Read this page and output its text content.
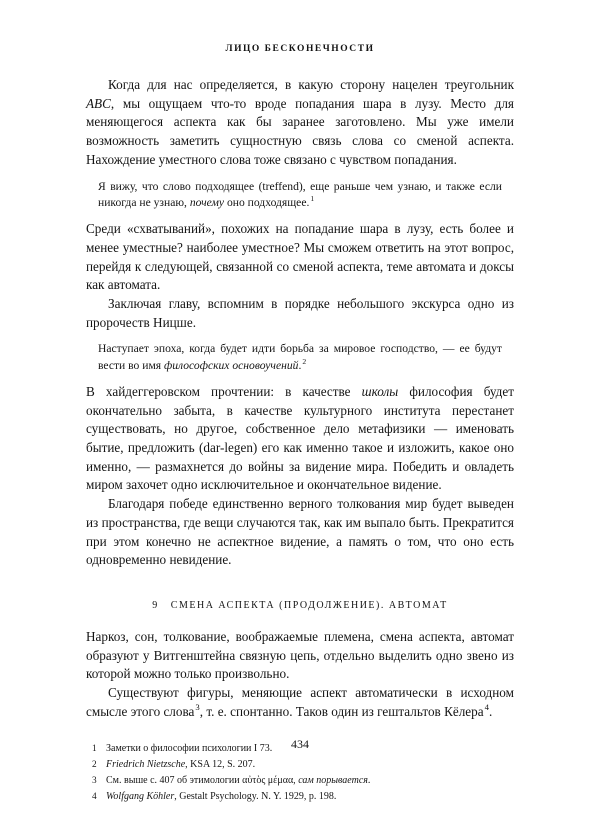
ЛИЦО БЕСКОНЕЧНОСТИ

Когда для нас определяется, в какую сторону нацелен треугольник ABC, мы ощущаем что-то вроде попадания шара в лузу. Место для меняющегося аспекта как бы заранее заготовлено. Мы уже имели возможность заметить сущностную связь слова со сменой аспекта. Нахождение уместного слова тоже связано с чувством попадания.

Я вижу, что слово подходящее (treffend), еще раньше чем узнаю, и также если никогда не узнаю, почему оно подходящее.$^1$

Среди «схватываний», похожих на попадание шара в лузу, есть более и менее уместные? наиболее уместное? Мы сможем ответить на этот вопрос, перейдя к следующей, связанной со сменой аспекта, теме автомата и доксы как автомата.

Заключая главу, вспомним в порядке небольшого экскурса одно из пророчеств Ницше.

Наступает эпоха, когда будет идти борьба за мировое господство, — ее будут вести во имя философских основоучений.$^2$

В хайдеггеровском прочтении: в качестве школы философия будет окончательно забыта, в качестве культурного института перестанет существовать, но другое, собственное дело метафизики — именовать бытие, предложить (dar-legen) его как именно такое и изложить, какое оно именно, — размахнется до войны за видение мира. Победить и овладеть миром захочет одно исключительное и окончательное видение.

Благодаря победе единственно верного толкования мир будет выведен из пространства, где вещи случаются так, как им выпало быть. Прекратится при этом конечно не аспектное видение, а память о том, что оно есть одновременно невидение.

9 СМЕНА АСПЕКТА (ПРОДОЛЖЕНИЕ). АВТОМАТ

Наркоз, сон, толкование, воображаемые племена, смена аспекта, автомат образуют у Витгенштейна связную цепь, отдельно выделить одно звено из которой можно только произвольно.

Существуют фигуры, меняющие аспект автоматически в исходном смысле этого слова$^3$, т. е. спонтанно. Таков один из гештальтов Кёлера$^4$.

1 Заметки о философии психологии I 73.
2 Friedrich Nietzsche, KSA 12, S. 207.
3 См. выше с. 407 об этимологии αὐτὸς μέμαα, сам порывается.
4 Wolfgang Köhler, Gestalt Psychology. N. Y. 1929, p. 198.
434
